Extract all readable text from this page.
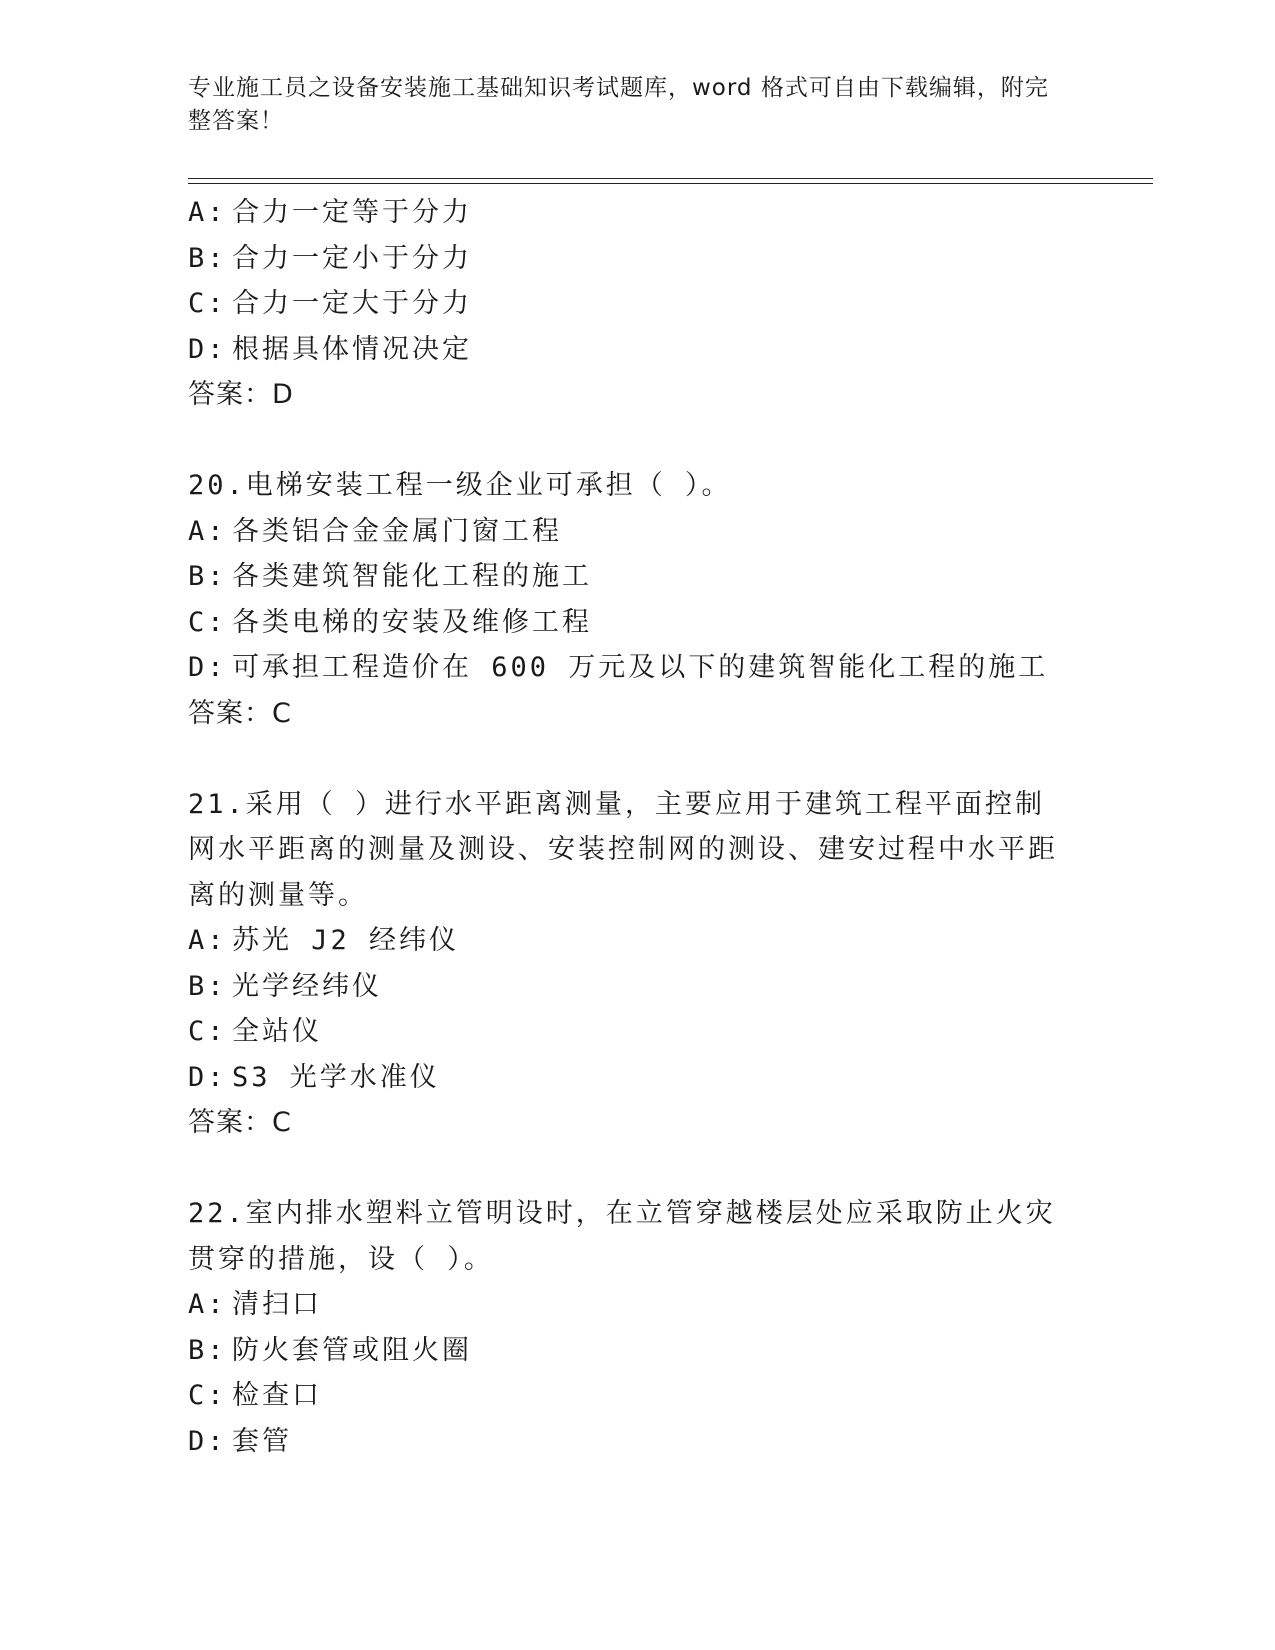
专业施工员之设备安装施工基础知识考试题库，word 格式可自由下载编辑，附完整答案！
A: 合力一定等于分力
B: 合力一定小于分力
C: 合力一定大于分力
D: 根据具体情况决定
答案：D
20.电梯安装工程一级企业可承担（ ）。
A: 各类铝合金金属门窗工程
B: 各类建筑智能化工程的施工
C: 各类电梯的安装及维修工程
D: 可承担工程造价在 600 万元及以下的建筑智能化工程的施工
答案：C
21.采用（ ）进行水平距离测量，主要应用于建筑工程平面控制网水平距离的测量及测设、安装控制网的测设、建安过程中水平距离的测量等。
A: 苏光 J2 经纬仪
B: 光学经纬仪
C: 全站仪
D: S3 光学水准仪
答案：C
22.室内排水塑料立管明设时，在立管穿越楼层处应采取防止火灾贯穿的措施，设（ ）。
A: 清扫口
B: 防火套管或阻火圈
C: 检查口
D: 套管
